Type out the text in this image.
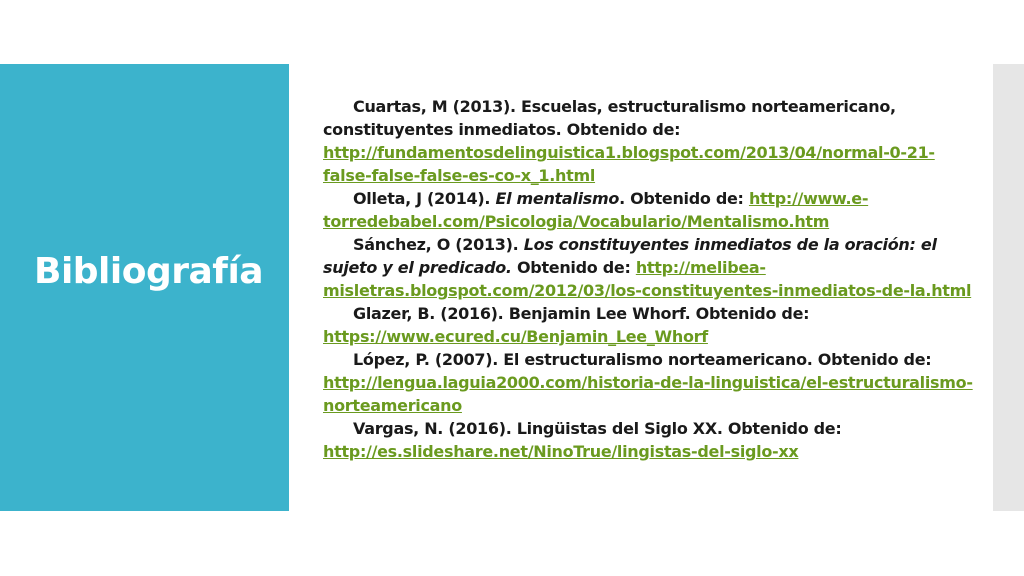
Bibliografía

Cuartas, M (2013). Escuelas, estructuralismo norteamericano, constituyentes inmediatos. Obtenido de: http://fundamentosdelinguistica1.blogspot.com/2013/04/normal-0-21-false-false-false-es-co-x_1.html

Olleta, J (2014). El mentalismo. Obtenido de: http://www.e-torredebabel.com/Psicologia/Vocabulario/Mentalismo.htm

Sánchez, O (2013). Los constituyentes inmediatos de la oración: el sujeto y el predicado. Obtenido de: http://melibea-misletras.blogspot.com/2012/03/los-constituyentes-inmediatos-de-la.html

Glazer, B. (2016). Benjamin Lee Whorf. Obtenido de: https://www.ecured.cu/Benjamin_Lee_Whorf

López, P. (2007). El estructuralismo norteamericano. Obtenido de: http://lengua.laguia2000.com/historia-de-la-linguistica/el-estructuralismo-norteamericano

Vargas, N. (2016). Lingüistas del Siglo XX. Obtenido de: http://es.slideshare.net/NinoTrue/lingistas-del-siglo-xx
